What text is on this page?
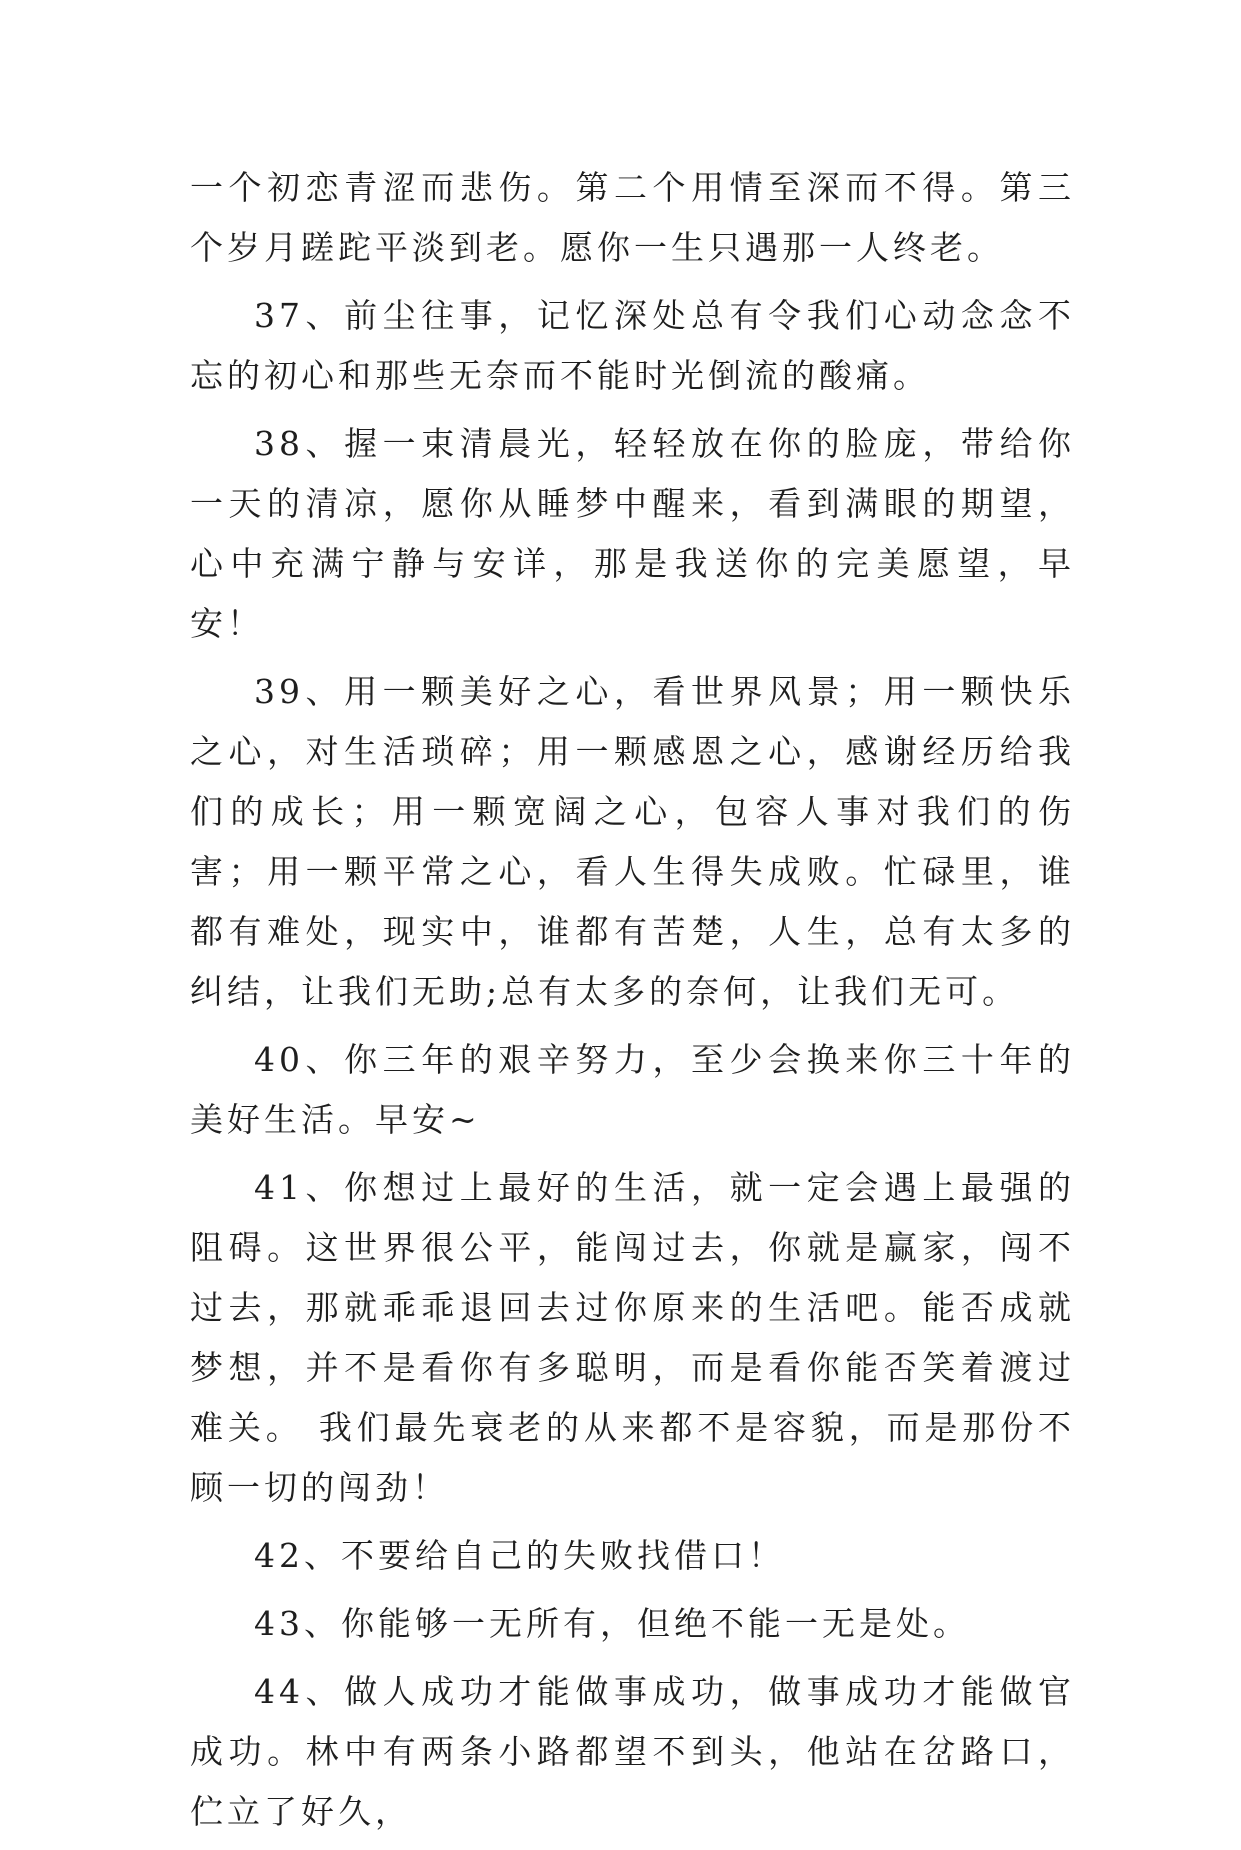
一个初恋青涩而悲伤。第二个用情至深而不得。第三个岁月蹉跎平淡到老。愿你一生只遇那一人终老。

37、前尘往事，记忆深处总有令我们心动念念不忘的初心和那些无奈而不能时光倒流的酸痛。

38、握一束清晨光，轻轻放在你的脸庞，带给你一天的清凉，愿你从睡梦中醒来，看到满眼的期望，心中充满宁静与安详，那是我送你的完美愿望，早安！

39、用一颗美好之心，看世界风景；用一颗快乐之心，对生活琐碎；用一颗感恩之心，感谢经历给我们的成长；用一颗宽阔之心，包容人事对我们的伤害；用一颗平常之心，看人生得失成败。忙碌里，谁都有难处，现实中，谁都有苦楚，人生，总有太多的纠结，让我们无助;总有太多的奈何，让我们无可。

40、你三年的艰辛努力，至少会换来你三十年的美好生活。早安~

41、你想过上最好的生活，就一定会遇上最强的阻碍。这世界很公平，能闯过去，你就是赢家，闯不过去，那就乖乖退回去过你原来的生活吧。能否成就梦想，并不是看你有多聪明，而是看你能否笑着渡过难关。 我们最先衰老的从来都不是容貌，而是那份不顾一切的闯劲！

42、不要给自己的失败找借口！

43、你能够一无所有，但绝不能一无是处。

44、做人成功才能做事成功，做事成功才能做官成功。林中有两条小路都望不到头，他站在岔路口，伫立了好久，
